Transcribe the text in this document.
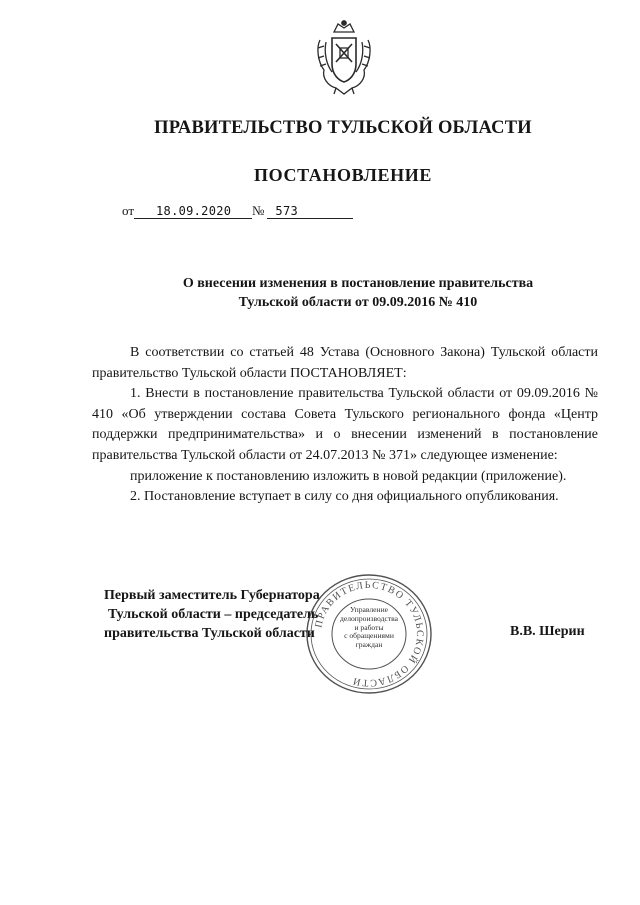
ПРАВИТЕЛЬСТВО ТУЛЬСКОЙ ОБЛАСТИ
ПОСТАНОВЛЕНИЕ
от 18.09.2020 № 573
О внесении изменения в постановление правительства
Тульской области от 09.09.2016 № 410

В соответствии со статьей 48 Устава (Основного Закона) Тульской области правительство Тульской области ПОСТАНОВЛЯЕТ:

1. Внести в постановление правительства Тульской области от 09.09.2016 № 410 «Об утверждении состава Совета Тульского регионального фонда «Центр поддержки предпринимательства» и о внесении изменений в постановление правительства Тульской области от 24.07.2013 № 371» следующее изменение:

приложение к постановлению изложить в новой редакции (приложение).

2. Постановление вступает в силу со дня официального опубликования.

Первый заместитель Губернатора
Тульской области – председатель
правительства Тульской области	В.В. Шерин
ПРАВИТЕЛЬСТВО ТУЛЬСКОЙ ОБЛАСТИ
Управление
делопроизводства
и работы
с обращениями
граждан
